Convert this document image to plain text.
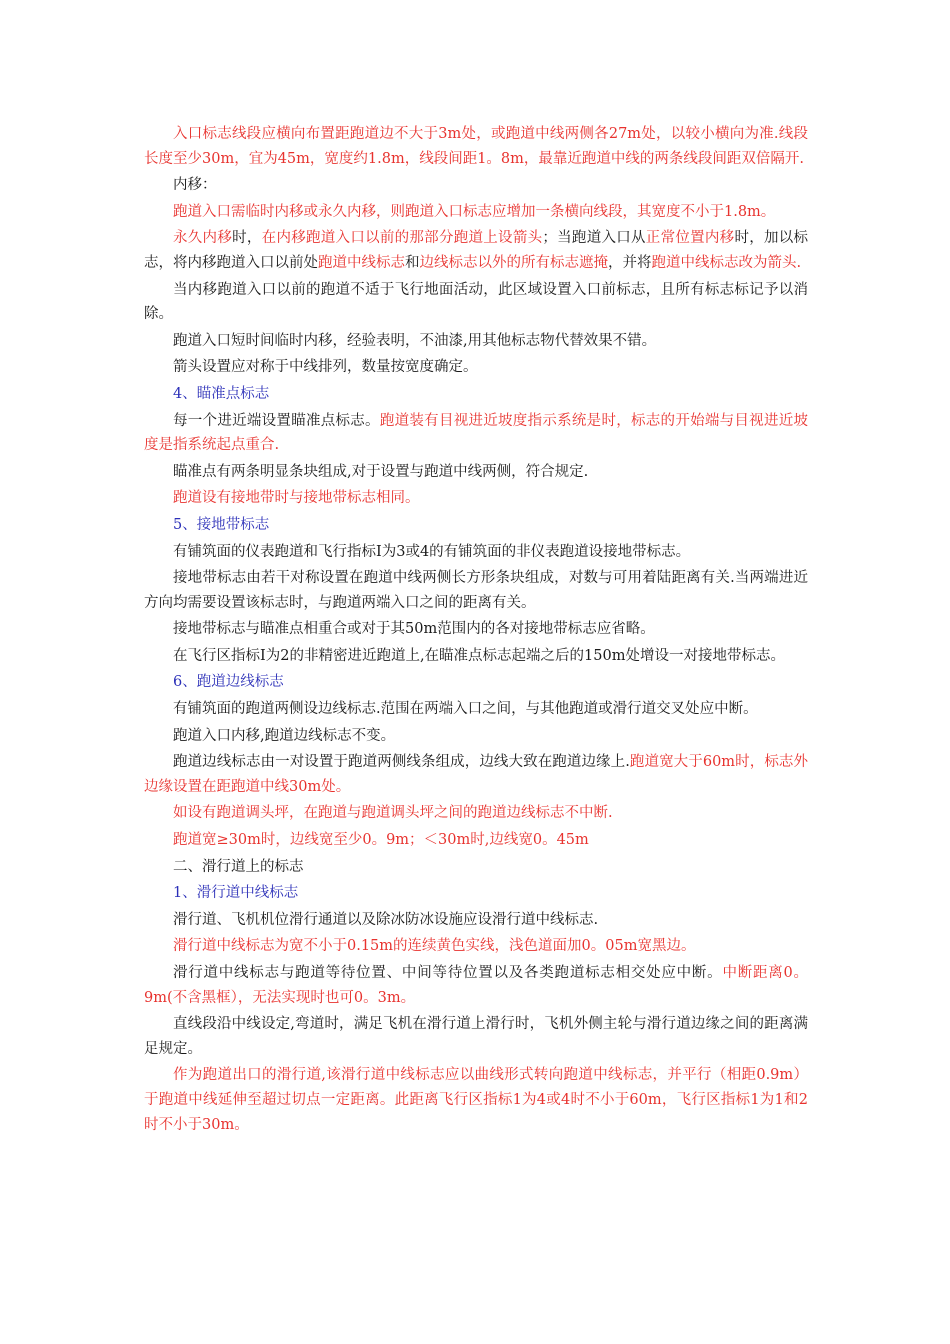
入口标志线段应横向布置距跑道边不大于3m处，或跑道中线两侧各27m处，以较小横向为准.线段长度至少30m，宜为45m，宽度约1.8m，线段间距1。8m，最靠近跑道中线的两条线段间距双倍隔开.

内移：

跑道入口需临时内移或永久内移，则跑道入口标志应增加一条横向线段，其宽度不小于1.8m。

永久内移时，在内移跑道入口以前的那部分跑道上设箭头；当跑道入口从正常位置内移时，加以标志，将内移跑道入口以前处跑道中线标志和边线标志以外的所有标志遮掩，并将跑道中线标志改为箭头.

当内移跑道入口以前的跑道不适于飞行地面活动，此区域设置入口前标志，且所有标志标记予以消除。

跑道入口短时间临时内移，经验表明，不油漆,用其他标志物代替效果不错。

箭头设置应对称于中线排列，数量按宽度确定。

4、瞄准点标志

每一个进近端设置瞄准点标志。跑道装有目视进近坡度指示系统是时，标志的开始端与目视进近坡度是指系统起点重合.

瞄准点有两条明显条块组成,对于设置与跑道中线两侧，符合规定.

跑道设有接地带时与接地带标志相同。

5、接地带标志

有铺筑面的仪表跑道和飞行指标Ⅰ为3或4的有铺筑面的非仪表跑道设接地带标志。

接地带标志由若干对称设置在跑道中线两侧长方形条块组成，对数与可用着陆距离有关.当两端进近方向均需要设置该标志时，与跑道两端入口之间的距离有关。

接地带标志与瞄准点相重合或对于其50m范围内的各对接地带标志应省略。

在飞行区指标Ⅰ为2的非精密进近跑道上,在瞄准点标志起端之后的150m处增设一对接地带标志。

6、跑道边线标志

有铺筑面的跑道两侧设边线标志.范围在两端入口之间，与其他跑道或滑行道交叉处应中断。

跑道入口内移,跑道边线标志不变。

跑道边线标志由一对设置于跑道两侧线条组成，边线大致在跑道边缘上.跑道宽大于60m时，标志外边缘设置在距跑道中线30m处。

如设有跑道调头坪，在跑道与跑道调头坪之间的跑道边线标志不中断.

跑道宽≥30m时，边线宽至少0。9m；＜30m时,边线宽0。45m

二、滑行道上的标志

1、滑行道中线标志

滑行道、飞机机位滑行通道以及除冰防冰设施应设滑行道中线标志.

滑行道中线标志为宽不小于0.15m的连续黄色实线，浅色道面加0。05m宽黑边。

滑行道中线标志与跑道等待位置、中间等待位置以及各类跑道标志相交处应中断。中断距离0。9m(不含黑框），无法实现时也可0。3m。

直线段沿中线设定,弯道时，满足飞机在滑行道上滑行时，飞机外侧主轮与滑行道边缘之间的距离满足规定。

作为跑道出口的滑行道,该滑行道中线标志应以曲线形式转向跑道中线标志，并平行（相距0.9m）于跑道中线延伸至超过切点一定距离。此距离飞行区指标1为4或4时不小于60m，飞行区指标1为1和2时不小于30m。
